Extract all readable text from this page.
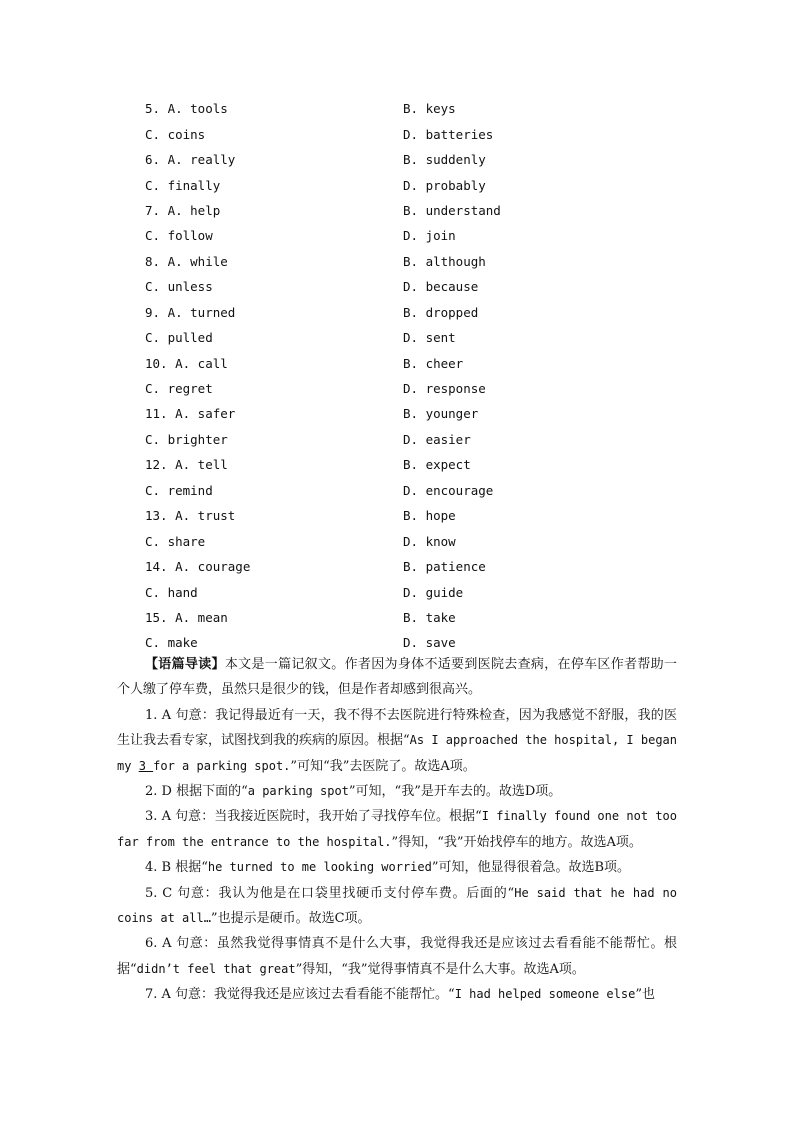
5. A. tools	B. keys
C. coins	D. batteries
6. A. really	B. suddenly
C. finally	D. probably
7. A. help	B. understand
C. follow	D. join
8. A. while	B. although
C. unless	D. because
9. A. turned	B. dropped
C. pulled	D. sent
10. A. call	B. cheer
C. regret	D. response
11. A. safer	B. younger
C. brighter	D. easier
12. A. tell	B. expect
C. remind	D. encourage
13. A. trust	B. hope
C. share	D. know
14. A. courage	B. patience
C. hand	D. guide
15. A. mean	B. take
C. make	D. save

【语篇导读】本文是一篇记叙文。作者因为身体不适要到医院去查病，在停车区作者帮助一个人缴了停车费，虽然只是很少的钱，但是作者却感到很高兴。

1. A 句意：我记得最近有一天，我不得不去医院进行特殊检查，因为我感觉不舒服，我的医生让我去看专家，试图找到我的疾病的原因。根据“As I approached the hospital, I began my 3 for a parking spot.”可知“我”去医院了。故选A项。

2. D 根据下面的“a parking spot”可知，“我”是开车去的。故选D项。

3. A 句意：当我接近医院时，我开始了寻找停车位。根据“I finally found one not too far from the entrance to the hospital.”得知，“我”开始找停车的地方。故选A项。

4. B 根据“he turned to me looking worried”可知，他显得很着急。故选B项。

5. C 句意：我认为他是在口袋里找硬币支付停车费。后面的“He said that he had no coins at all…”也提示是硬币。故选C项。

6. A 句意：虽然我觉得事情真不是什么大事，我觉得我还是应该过去看看能不能帮忙。根据“didn’t feel that great”得知，“我”觉得事情真不是什么大事。故选A项。

7. A 句意：我觉得我还是应该过去看看能不能帮忙。“I had helped someone else”也
